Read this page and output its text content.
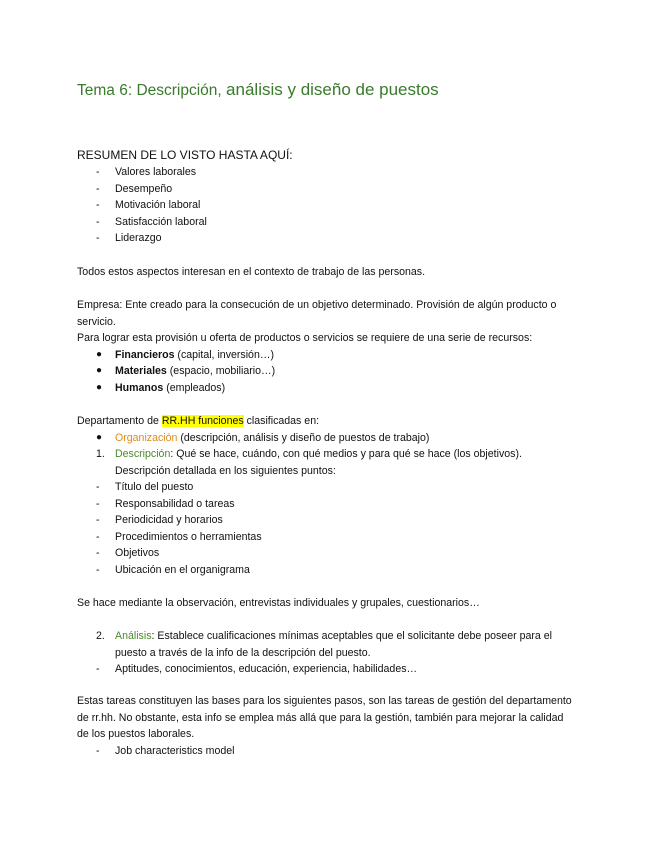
Tema 6: Descripción, análisis y diseño de puestos

RESUMEN DE LO VISTO HASTA AQUÍ:

-	Valores laborales
-	Desempeño
-	Motivación laboral
-	Satisfacción laboral
-	Liderazgo

Todos estos aspectos interesan en el contexto de trabajo de las personas.

Empresa: Ente creado para la consecución de un objetivo determinado. Provisión de algún producto o servicio.

Para lograr esta provisión u oferta de productos o servicios se requiere de una serie de recursos:

●	Financieros (capital, inversión…)
●	Materiales (espacio, mobiliario…)
●	Humanos (empleados)

Departamento de RR.HH funciones clasificadas en:

●	Organización (descripción, análisis y diseño de puestos de trabajo)
1. Descripción: Qué se hace, cuándo, con qué medios y para qué se hace (los objetivos).
Descripción detallada en los siguientes puntos:
-	Título del puesto
-	Responsabilidad o tareas
-	Periodicidad y horarios
-	Procedimientos o herramientas
-	Objetivos
-	Ubicación en el organigrama

Se hace mediante la observación, entrevistas individuales y grupales, cuestionarios…

2. Análisis: Establece cualificaciones mínimas aceptables que el solicitante debe poseer para el puesto a través de la info de la descripción del puesto.
-	Aptitudes, conocimientos, educación, experiencia, habilidades…

Estas tareas constituyen las bases para los siguientes pasos, son las tareas de gestión del departamento de rr.hh. No obstante, esta info se emplea más allá que para la gestión, también para mejorar la calidad de los puestos laborales.

-	Job characteristics model
